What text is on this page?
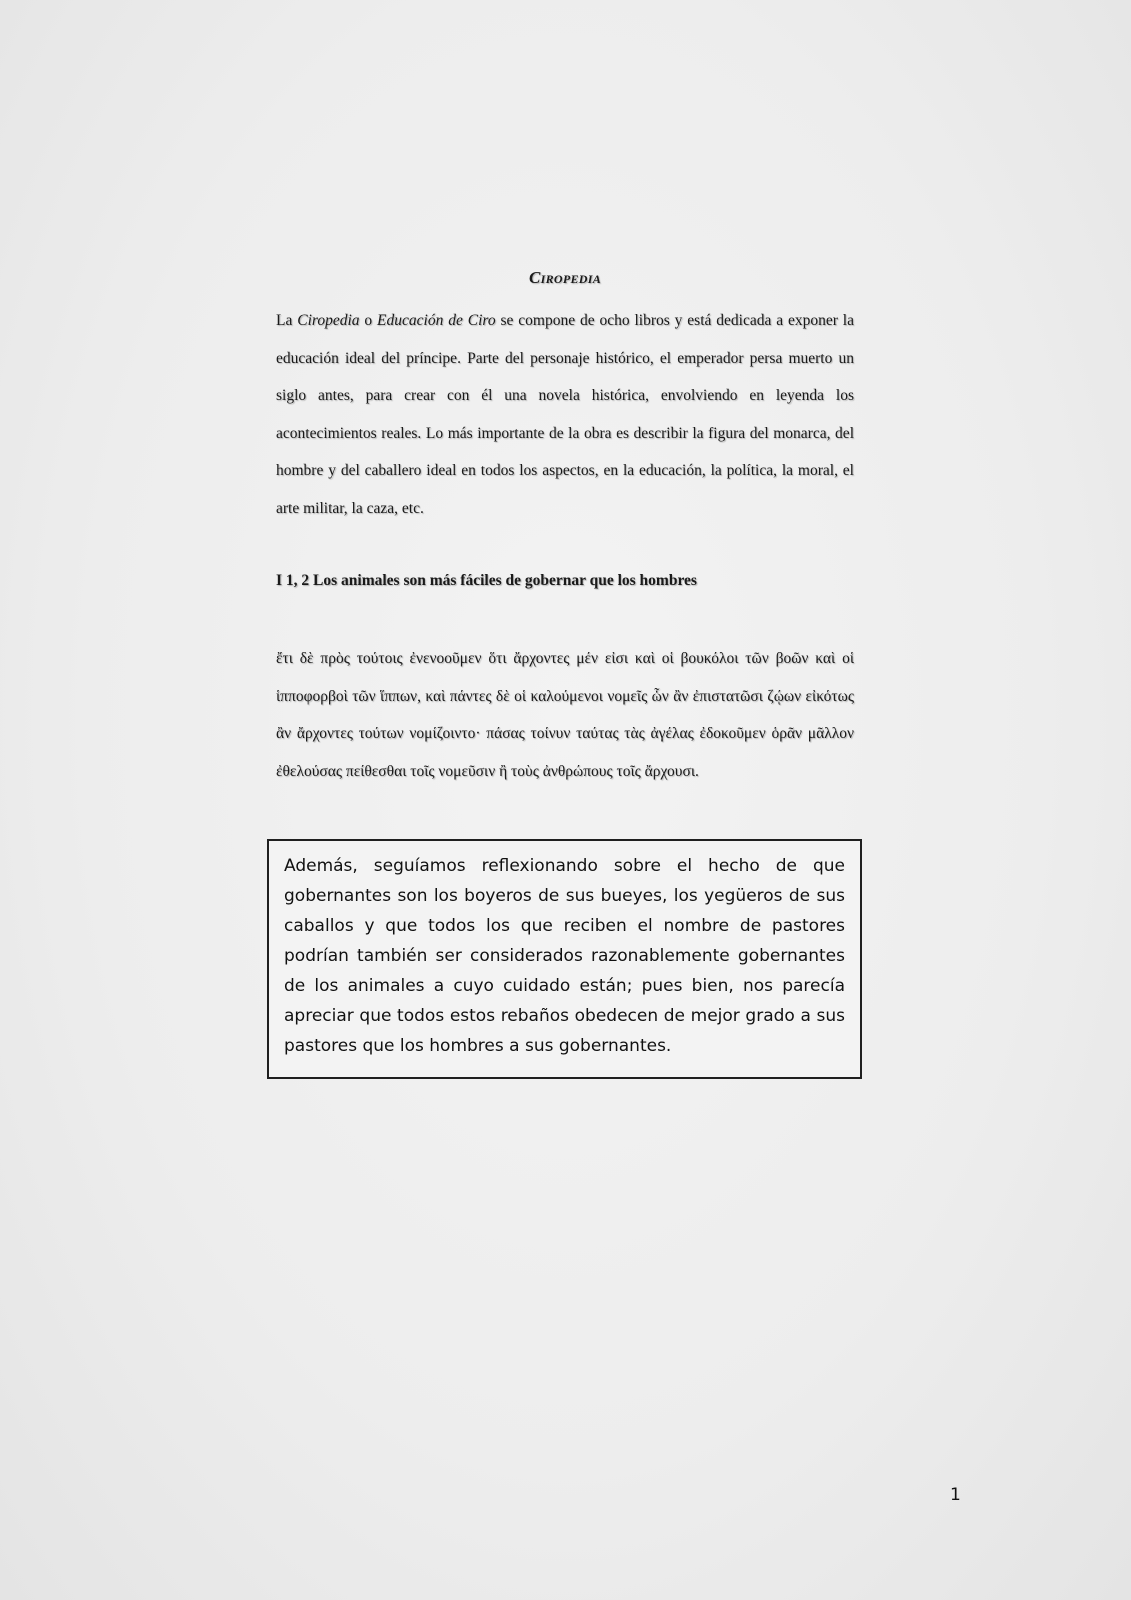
Ciropedia

La Ciropedia o Educación de Ciro se compone de ocho libros y está dedicada a exponer la educación ideal del príncipe. Parte del personaje histórico, el emperador persa muerto un siglo antes, para crear con él una novela histórica, envolviendo en leyenda los acontecimientos reales. Lo más importante de la obra es describir la figura del monarca, del hombre y del caballero ideal en todos los aspectos, en la educación, la política, la moral, el arte militar, la caza, etc.

I 1, 2 Los animales son más fáciles de gobernar que los hombres

ἔτι δὲ πρὸς τούτοις ἐνενοοῦμεν ὅτι ἄρχοντες μέν εἰσι καὶ οἱ βουκόλοι τῶν βοῶν καὶ οἱ ἱπποφορβοὶ τῶν ἵππων, καὶ πάντες δὲ οἱ καλούμενοι νομεῖς ὧν ἂν ἐπιστατῶσι ζῴων εἰκότως ἂν ἄρχοντες τούτων νομίζοιντο· πάσας τοίνυν ταύτας τὰς ἀγέλας ἐδοκοῦμεν ὁρᾶν μᾶλλον ἐθελούσας πείθεσθαι τοῖς νομεῦσιν ἢ τοὺς ἀνθρώπους τοῖς ἄρχουσι.

Además, seguíamos reflexionando sobre el hecho de que gobernantes son los boyeros de sus bueyes, los yegüeros de sus caballos y que todos los que reciben el nombre de pastores podrían también ser considerados razonablemente gobernantes de los animales a cuyo cuidado están; pues bien, nos parecía apreciar que todos estos rebaños obedecen de mejor grado a sus pastores que los hombres a sus gobernantes.

1
